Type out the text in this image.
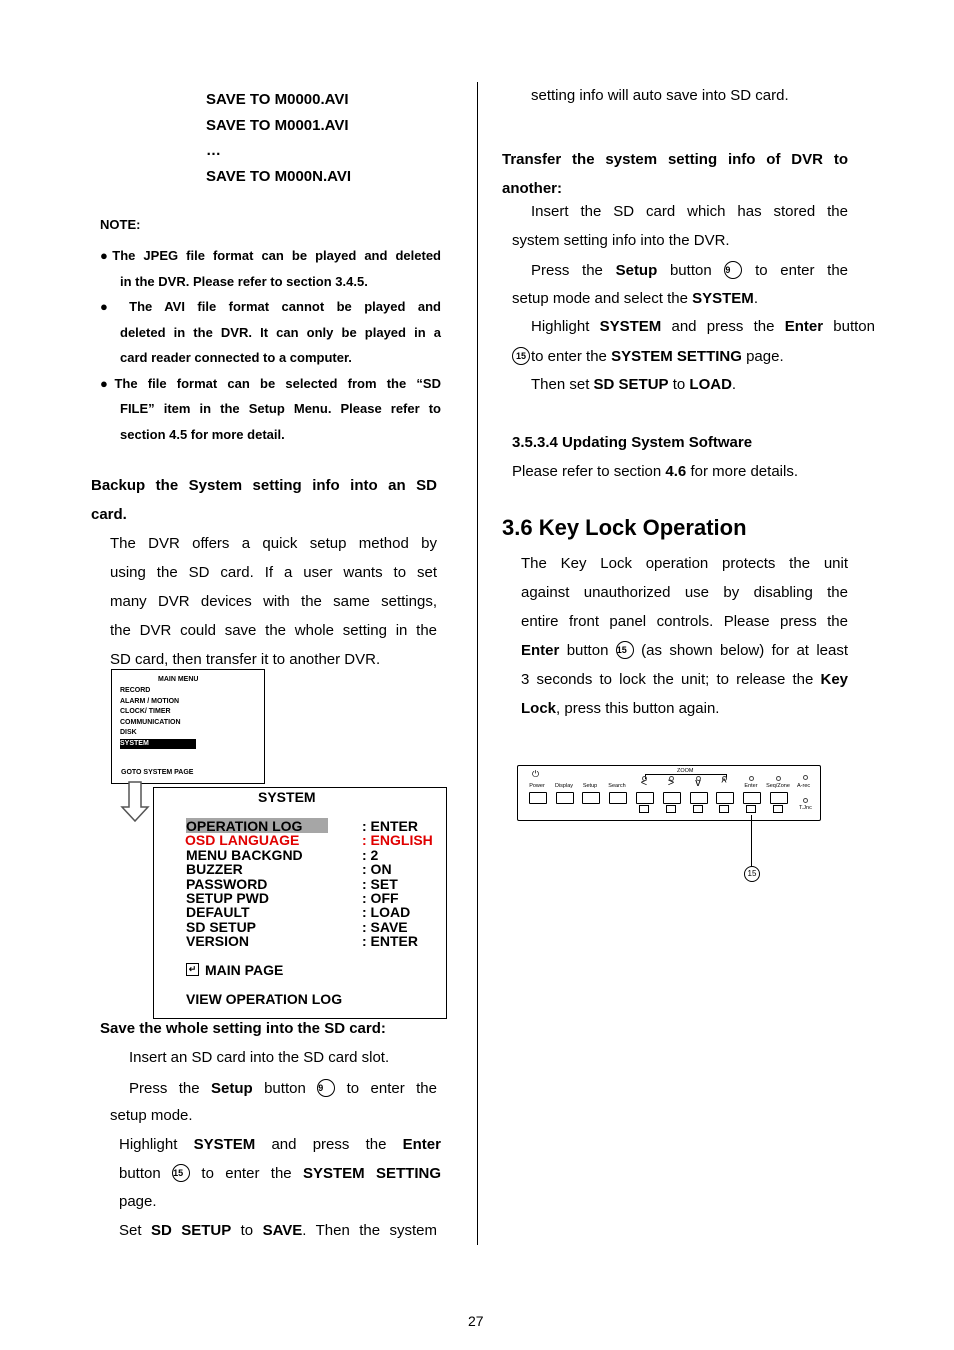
SAVE TO M0000.AVI
SAVE TO M0001.AVI
…
SAVE TO M000N.AVI
NOTE:
●The JPEG file format can be played and deleted
in the DVR. Please refer to section 3.4.5.
● The AVI file format cannot be played and
deleted in the DVR. It can only be played in a
card reader connected to a computer.
●The file format can be selected from the “SD
FILE” item in the Setup Menu. Please refer to
section 4.5 for more detail.
Backup the System setting info into an SD
card.
The DVR offers a quick setup method by
using the SD card. If a user wants to set
many DVR devices with the same settings,
the DVR could save the whole setting in the
SD card, then transfer it to another DVR.
MAIN MENU
RECORD
ALARM / MOTION
CLOCK/ TIMER
COMMUNICATION
DISK
SYSTEM
GOTO SYSTEM PAGE
SYSTEM
OPERATION LOG	: ENTER
OSD LANGUAGE	: ENGLISH
MENU BACKGND	: 2
BUZZER	: ON
PASSWORD	: SET
SETUP PWD	: OFF
DEFAULT	: LOAD
SD SETUP	: SAVE
VERSION	: ENTER
↵ MAIN PAGE
VIEW OPERATION LOG
Save the whole setting into the SD card:
Insert an SD card into the SD card slot.
Press the Setup button 9 to enter the
setup mode.
Highlight SYSTEM and press the Enter
button 15 to enter the SYSTEM SETTING
page.
Set SD SETUP to SAVE. Then the system
setting info will auto save into SD card.
Transfer the system setting info of DVR to
another:
Insert the SD card which has stored the
system setting info into the DVR.
Press the Setup button 9 to enter the
setup mode and select the SYSTEM.
Highlight SYSTEM and press the Enter button
15 to enter the SYSTEM SETTING page.
Then set SD SETUP to LOAD.
3.5.3.4 Updating System Software
Please refer to section 4.6 for more details.
3.6 Key Lock Operation
The Key Lock operation protects the unit
against unauthorized use by disabling the
entire front panel controls. Please press the
Enter button 15 (as shown below) for at least
3 seconds to lock the unit; to release the Key
Lock, press this button again.
ZOOM
Power	Display	Setup	Search	<	>	v	^	Enter	Seq/Zone
⏻
A-rec
T.Jnc
15
27
